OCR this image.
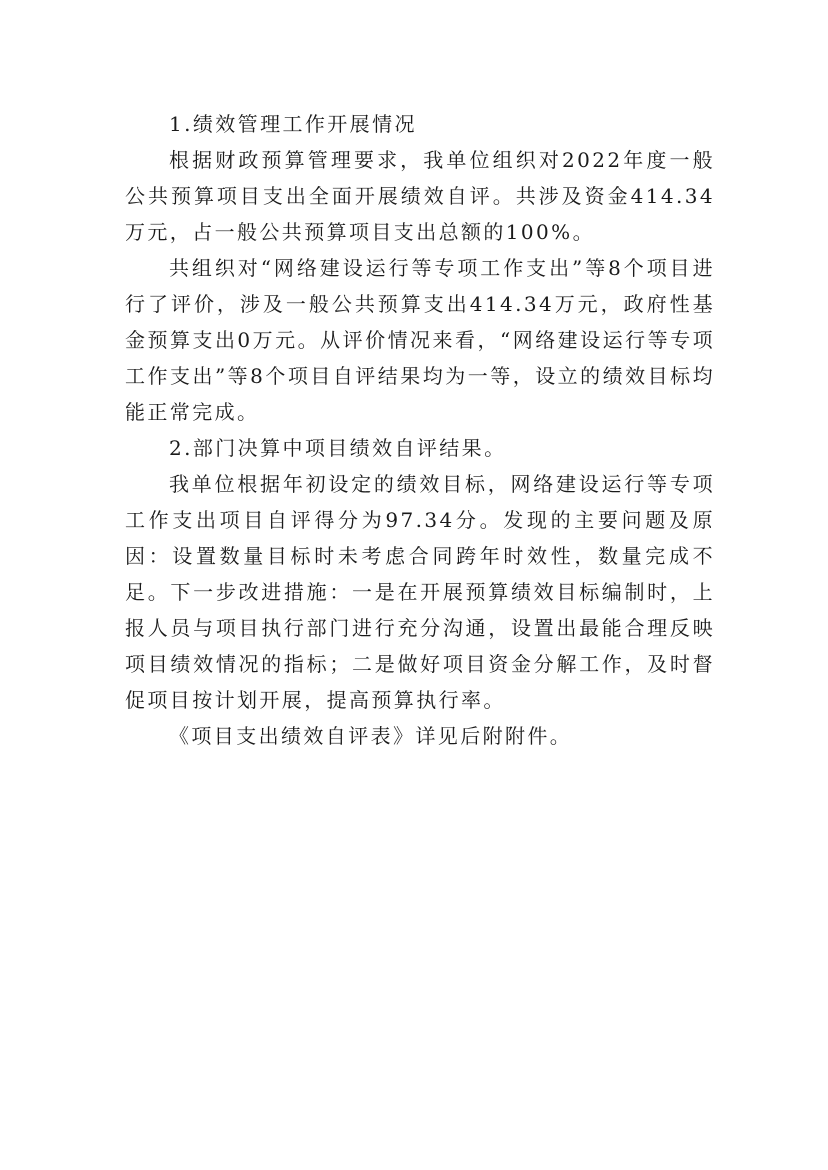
1.绩效管理工作开展情况

根据财政预算管理要求，我单位组织对2022年度一般公共预算项目支出全面开展绩效自评。共涉及资金414.34万元，占一般公共预算项目支出总额的100%。

共组织对“网络建设运行等专项工作支出”等8个项目进行了评价，涉及一般公共预算支出414.34万元，政府性基金预算支出0万元。从评价情况来看，“网络建设运行等专项工作支出”等8个项目自评结果均为一等，设立的绩效目标均能正常完成。

2.部门决算中项目绩效自评结果。

我单位根据年初设定的绩效目标，网络建设运行等专项工作支出项目自评得分为97.34分。发现的主要问题及原因：设置数量目标时未考虑合同跨年时效性，数量完成不足。下一步改进措施：一是在开展预算绩效目标编制时，上报人员与项目执行部门进行充分沟通，设置出最能合理反映项目绩效情况的指标；二是做好项目资金分解工作，及时督促项目按计划开展，提高预算执行率。

《项目支出绩效自评表》详见后附附件。
